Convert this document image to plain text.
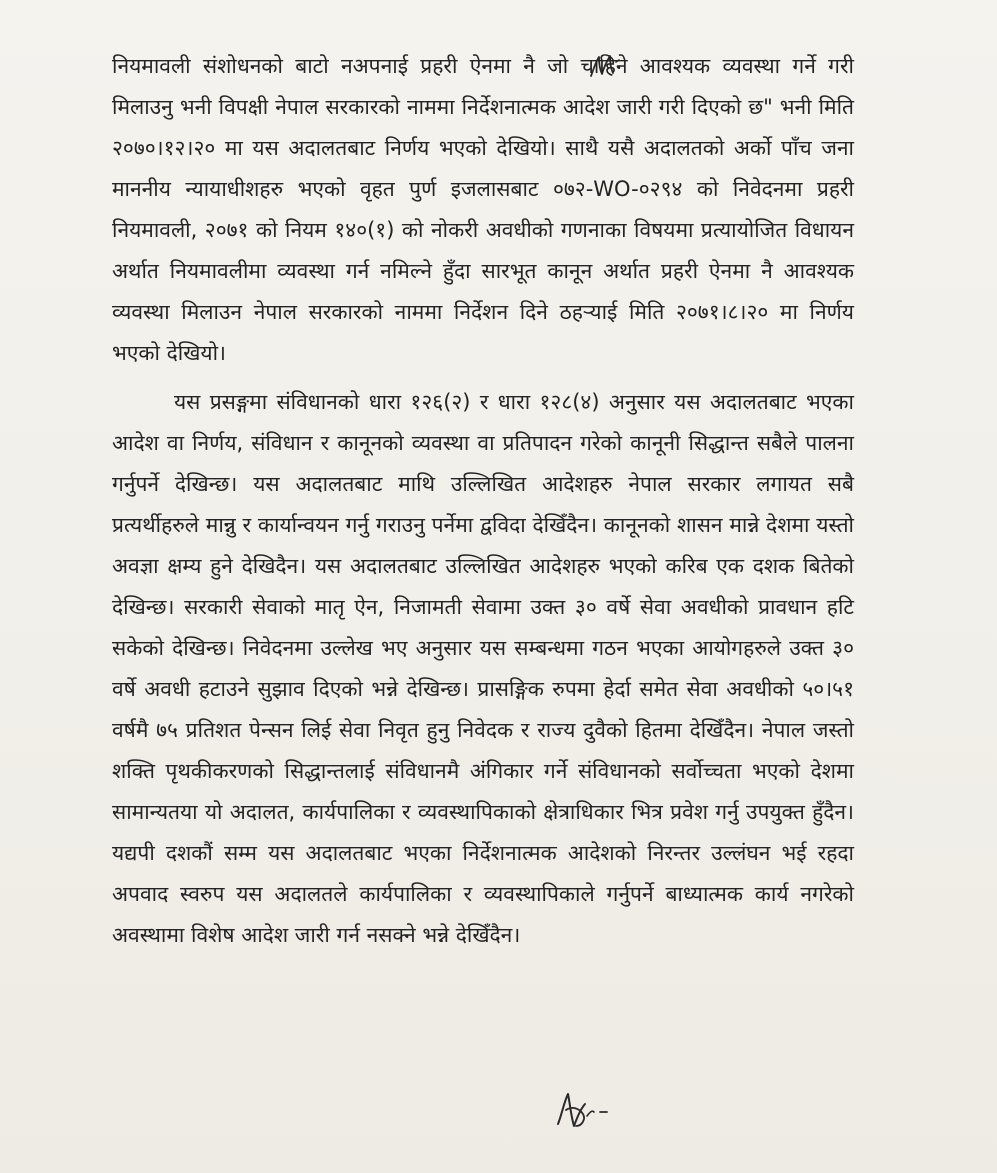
नियमावली संशोधनको बाटो नअपनाई प्रहरी ऐनमा नै जो चाहिने आवश्यक व्यवस्था गर्ने गरी मिलाउनु भनी विपक्षी नेपाल सरकारको नाममा निर्देशनात्मक आदेश जारी गरी दिएको छ" भनी मिति २०७०।१२।२० मा यस अदालतबाट निर्णय भएको देखियो। साथै यसै अदालतको अर्को पाँच जना माननीय न्यायाधीशहरु भएको वृहत पुर्ण इजलासबाट ०७२-WO-०२९४ को निवेदनमा प्रहरी नियमावली, २०७१ को नियम १४०(१) को नोकरी अवधीको गणनाका विषयमा प्रत्यायोजित विधायन अर्थात नियमावलीमा व्यवस्था गर्न नमिल्ने हुँदा सारभूत कानून अर्थात प्रहरी ऐनमा नै आवश्यक व्यवस्था मिलाउन नेपाल सरकारको नाममा निर्देशन दिने ठहऱ्याई मिति २०७१।८।२० मा निर्णय भएको देखियो।

यस प्रसङ्गमा संविधानको धारा १२६(२) र धारा १२८(४) अनुसार यस अदालतबाट भएका आदेश वा निर्णय, संविधान र कानूनको व्यवस्था वा प्रतिपादन गरेको कानूनी सिद्धान्त सबैले पालना गर्नुपर्ने देखिन्छ। यस अदालतबाट माथि उल्लिखित आदेशहरु नेपाल सरकार लगायत सबै प्रत्यर्थीहरुले मान्नु र कार्यान्वयन गर्नु गराउनु पर्नेमा द्वविदा देखिँदैन। कानूनको शासन मान्ने देशमा यस्तो अवज्ञा क्षम्य हुने देखिदैन। यस अदालतबाट उल्लिखित आदेशहरु भएको करिब एक दशक बितेको देखिन्छ। सरकारी सेवाको मातृ ऐन, निजामती सेवामा उक्त ३० वर्षे सेवा अवधीको प्रावधान हटि सकेको देखिन्छ। निवेदनमा उल्लेख भए अनुसार यस सम्बन्धमा गठन भएका आयोगहरुले उक्त ३० वर्षे अवधी हटाउने सुझाव दिएको भन्ने देखिन्छ। प्रासङ्गिक रुपमा हेर्दा समेत सेवा अवधीको ५०।५१ वर्षमै ७५ प्रतिशत पेन्सन लिई सेवा निवृत हुनु निवेदक र राज्य दुवैको हितमा देखिँदैन। नेपाल जस्तो शक्ति पृथकीकरणको सिद्धान्तलाई संविधानमै अंगिकार गर्ने संविधानको सर्वोच्चता भएको देशमा सामान्यतया यो अदालत, कार्यपालिका र व्यवस्थापिकाको क्षेत्राधिकार भित्र प्रवेश गर्नु उपयुक्त हुँदैन। यद्यपी दशकौं सम्म यस अदालतबाट भएका निर्देशनात्मक आदेशको निरन्तर उल्लंघन भई रहदा अपवाद स्वरुप यस अदालतले कार्यपालिका र व्यवस्थापिकाले गर्नुपर्ने बाध्यात्मक कार्य नगरेको अवस्थामा विशेष आदेश जारी गर्न नसक्ने भन्ने देखिँदैन।
